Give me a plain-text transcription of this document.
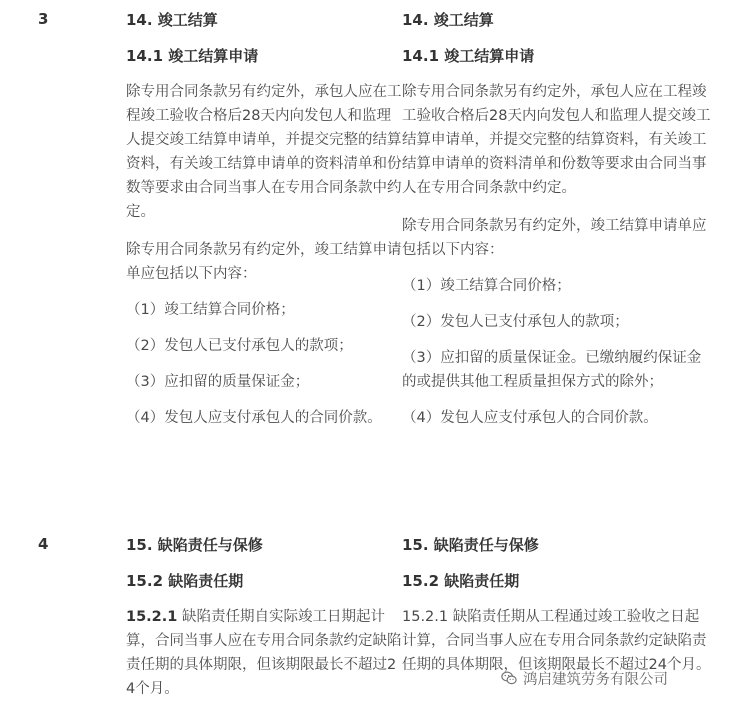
3	14. 竣工结算
14.1 竣工结算申请
除专用合同条款另有约定外，承包人应在工程竣工验收合格后28天内向发包人和监理人提交竣工结算申请单，并提交完整的结算资料，有关竣工结算申请单的资料清单和份数等要求由合同当事人在专用合同条款中约定。
除专用合同条款另有约定外，竣工结算申请单应包括以下内容：
（1）竣工结算合同价格；
（2）发包人已支付承包人的款项；
（3）应扣留的质量保证金；
（4）发包人应支付承包人的合同价款。
14. 竣工结算
14.1 竣工结算申请
除专用合同条款另有约定外，承包人应在工程竣工验收合格后28天内向发包人和监理人提交竣工结算申请单，并提交完整的结算资料，有关竣工结算申请单的资料清单和份数等要求由合同当事人在专用合同条款中约定。
除专用合同条款另有约定外，竣工结算申请单应包括以下内容：
（1）竣工结算合同价格；
（2）发包人已支付承包人的款项；
（3）应扣留的质量保证金。已缴纳履约保证金的或提供其他工程质量担保方式的除外；
（4）发包人应支付承包人的合同价款。
4	15. 缺陷责任与保修
15.2 缺陷责任期
15.2.1 缺陷责任期自实际竣工日期起计算，合同当事人应在专用合同条款约定缺陷责任期的具体期限，但该期限最长不超过24个月。
15. 缺陷责任与保修
15.2 缺陷责任期
15.2.1 缺陷责任期从工程通过竣工验收之日起计算，合同当事人应在专用合同条款约定缺陷责任期的具体期限，但该期限最长不超过24个月。
鸿启建筑劳务有限公司
